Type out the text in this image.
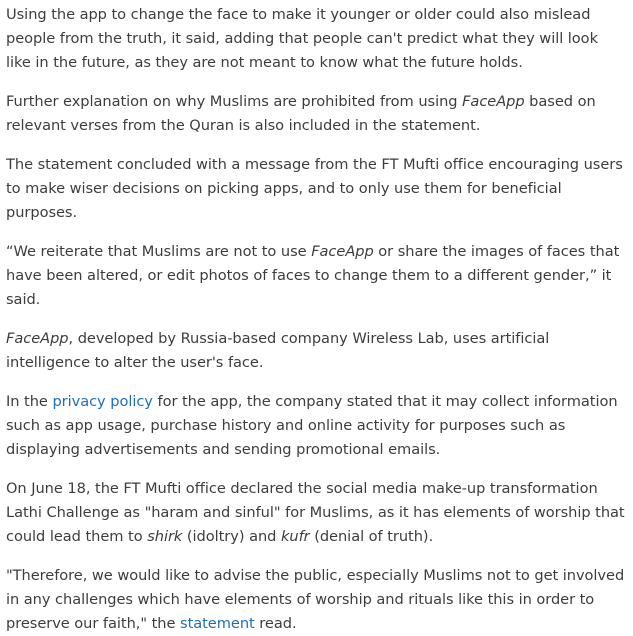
Using the app to change the face to make it younger or older could also mislead people from the truth, it said, adding that people can't predict what they will look like in the future, as they are not meant to know what the future holds.

Further explanation on why Muslims are prohibited from using FaceApp based on relevant verses from the Quran is also included in the statement.

The statement concluded with a message from the FT Mufti office encouraging users to make wiser decisions on picking apps, and to only use them for beneficial purposes.

“We reiterate that Muslims are not to use FaceApp or share the images of faces that have been altered, or edit photos of faces to change them to a different gender,” it said.

FaceApp, developed by Russia-based company Wireless Lab, uses artificial intelligence to alter the user's face.

In the privacy policy for the app, the company stated that it may collect information such as app usage, purchase history and online activity for purposes such as displaying advertisements and sending promotional emails.

On June 18, the FT Mufti office declared the social media make-up transformation Lathi Challenge as "haram and sinful" for Muslims, as it has elements of worship that could lead them to shirk (idoltry) and kufr (denial of truth).

"Therefore, we would like to advise the public, especially Muslims not to get involved in any challenges which have elements of worship and rituals like this in order to preserve our faith," the statement read.
